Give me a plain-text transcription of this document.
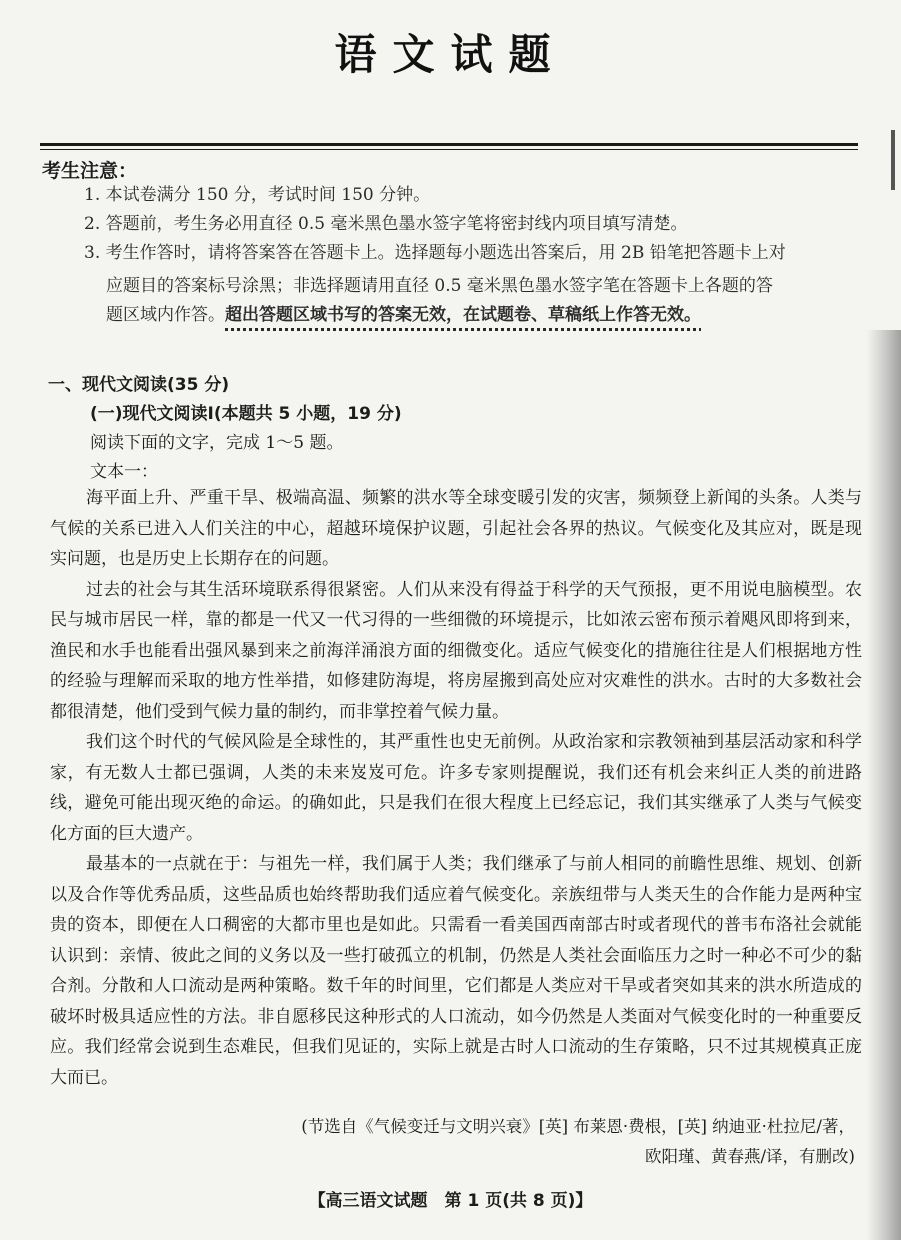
语文试题
考生注意：
1. 本试卷满分 150 分，考试时间 150 分钟。
2. 答题前，考生务必用直径 0.5 毫米黑色墨水签字笔将密封线内项目填写清楚。
3. 考生作答时，请将答案答在答题卡上。选择题每小题选出答案后，用 2B 铅笔把答题卡上对
应题目的答案标号涂黑；非选择题请用直径 0.5 毫米黑色墨水签字笔在答题卡上各题的答
题区域内作答。超出答题区域书写的答案无效，在试题卷、草稿纸上作答无效。
一、现代文阅读(35 分)
(一)现代文阅读Ⅰ(本题共 5 小题，19 分)
阅读下面的文字，完成 1～5 题。
文本一：

海平面上升、严重干旱、极端高温、频繁的洪水等全球变暖引发的灾害，频频登上新闻的头条。人类与气候的关系已进入人们关注的中心，超越环境保护议题，引起社会各界的热议。气候变化及其应对，既是现实问题，也是历史上长期存在的问题。

过去的社会与其生活环境联系得很紧密。人们从来没有得益于科学的天气预报，更不用说电脑模型。农民与城市居民一样，靠的都是一代又一代习得的一些细微的环境提示，比如浓云密布预示着飓风即将到来，渔民和水手也能看出强风暴到来之前海洋涌浪方面的细微变化。适应气候变化的措施往往是人们根据地方性的经验与理解而采取的地方性举措，如修建防海堤，将房屋搬到高处应对灾难性的洪水。古时的大多数社会都很清楚，他们受到气候力量的制约，而非掌控着气候力量。

我们这个时代的气候风险是全球性的，其严重性也史无前例。从政治家和宗教领袖到基层活动家和科学家，有无数人士都已强调，人类的未来岌岌可危。许多专家则提醒说，我们还有机会来纠正人类的前进路线，避免可能出现灭绝的命运。的确如此，只是我们在很大程度上已经忘记，我们其实继承了人类与气候变化方面的巨大遗产。

最基本的一点就在于：与祖先一样，我们属于人类；我们继承了与前人相同的前瞻性思维、规划、创新以及合作等优秀品质，这些品质也始终帮助我们适应着气候变化。亲族纽带与人类天生的合作能力是两种宝贵的资本，即便在人口稠密的大都市里也是如此。只需看一看美国西南部古时或者现代的普韦布洛社会就能认识到：亲情、彼此之间的义务以及一些打破孤立的机制，仍然是人类社会面临压力之时一种必不可少的黏合剂。分散和人口流动是两种策略。数千年的时间里，它们都是人类应对干旱或者突如其来的洪水所造成的破坏时极具适应性的方法。非自愿移民这种形式的人口流动，如今仍然是人类面对气候变化时的一种重要反应。我们经常会说到生态难民，但我们见证的，实际上就是古时人口流动的生存策略，只不过其规模真正庞大而已。

(节选自《气候变迁与文明兴衰》[英] 布莱恩·费根，[英] 纳迪亚·杜拉尼/著，
欧阳瑾、黄春燕/译，有删改)
【高三语文试题　第 1 页(共 8 页)】
